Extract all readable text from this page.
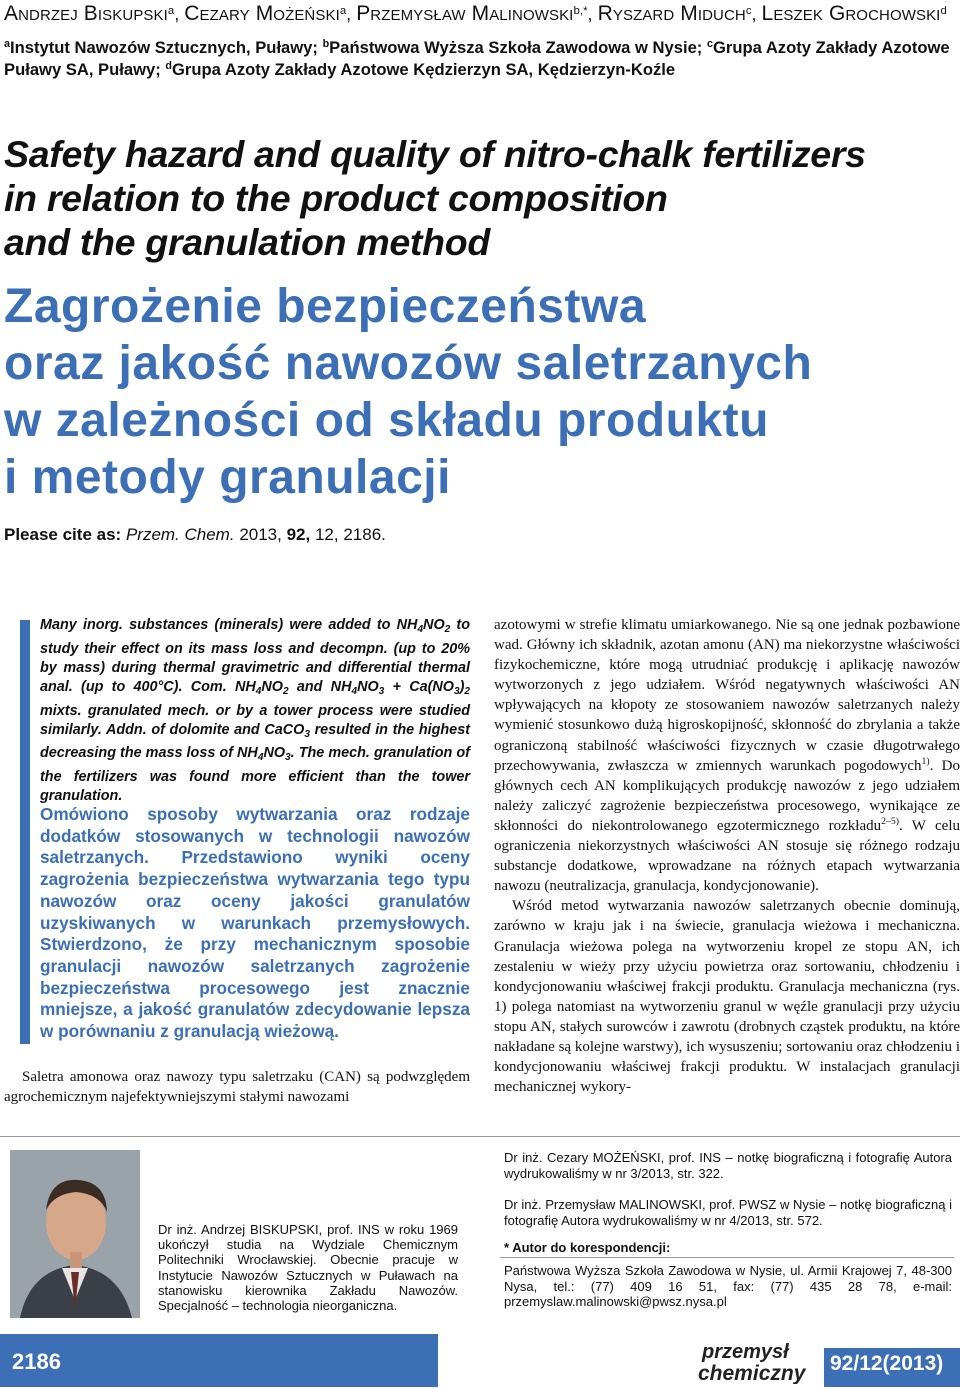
Andrzej Biskupski$^a$, Cezary Możeński$^a$, Przemysław Malinowski$^{b,*}$, Ryszard Miduch$^c$, Leszek Grochowski$^d$
$^a$Instytut Nawozów Sztucznych, Puławy; $^b$Państwowa Wyższa Szkoła Zawodowa w Nysie; $^c$Grupa Azoty Zakłady Azotowe Puławy SA, Puławy; $^d$Grupa Azoty Zakłady Azotowe Kędzierzyn SA, Kędzierzyn-Koźle
Safety hazard and quality of nitro-chalk fertilizers
in relation to the product composition
and the granulation method
Zagrożenie bezpieczeństwa
oraz jakość nawozów saletrzanych
w zależności od składu produktu
i metody granulacji
Please cite as: Przem. Chem. 2013, 92, 12, 2186.
Many inorg. substances (minerals) were added to $NH_4NO_2$ to study their effect on its mass loss and decompn. (up to 20% by mass) during thermal gravimetric and differential thermal anal. (up to 400°C). Com. $NH_4NO_2$ and $NH_4NO_3 + Ca(NO_3)_2$ mixts. granulated mech. or by a tower process were studied similarly. Addn. of dolomite and CaCO$_3$ resulted in the highest decreasing the mass loss of $NH_4NO_3$. The mech. granulation of the fertilizers was found more efficient than the tower granulation.
Omówiono sposoby wytwarzania oraz rodzaje dodatków stosowanych w technologii nawozów saletrzanych. Przedstawiono wyniki oceny zagrożenia bezpieczeństwa wytwarzania tego typu nawozów oraz oceny jakości granulatów uzyskiwanych w warunkach przemysłowych. Stwierdzono, że przy mechanicznym sposobie granulacji nawozów saletrzanych zagrożenie bezpieczeństwa procesowego jest znacznie mniejsze, a jakość granulatów zdecydowanie lepsza w porównaniu z granulacją wieżową.
Saletra amonowa oraz nawozy typu saletrzaku (CAN) są podwzględem agrochemicznym najefektywniejszymi stałymi nawozami

azotowymi w strefie klimatu umiarkowanego. Nie są one jednak pozbawione wad. Główny ich składnik, azotan amonu (AN) ma niekorzystne właściwości fizykochemiczne, które mogą utrudniać produkcję i aplikację nawozów wytworzonych z jego udziałem. Wśród negatywnych właściwości AN wpływających na kłopoty ze stosowaniem nawozów saletrzanych należy wymienić stosunkowo dużą higroskopijność, skłonność do zbrylania a także ograniczoną stabilność właściwości fizycznych w czasie długotrwałego przechowywania, zwłaszcza w zmiennych warunkach pogodowych$^{1)}$. Do głównych cech AN komplikujących produkcję nawozów z jego udziałem należy zaliczyć zagrożenie bezpieczeństwa procesowego, wynikające ze skłonności do niekontrolowanego egzotermicznego rozkładu$^{2-5)}$. W celu ograniczenia niekorzystnych właściwości AN stosuje się różnego rodzaju substancje dodatkowe, wprowadzane na różnych etapach wytwarzania nawozu (neutralizacja, granulacja, kondycjonowanie).

Wśród metod wytwarzania nawozów saletrzanych obecnie dominują, zarówno w kraju jak i na świecie, granulacja wieżowa i mechaniczna. Granulacja wieżowa polega na wytworzeniu kropel ze stopu AN, ich zestaleniu w wieży przy użyciu powietrza oraz sortowaniu, chłodzeniu i kondycjonowaniu właściwej frakcji produktu. Granulacja mechaniczna (rys. 1) polega natomiast na wytworzeniu granul w węźle granulacji przy użyciu stopu AN, stałych surowców i zawrotu (drobnych cząstek produktu, na które nakładane są kolejne warstwy), ich wysuszeniu; sortowaniu oraz chłodzeniu i kondycjonowaniu właściwej frakcji produktu. W instalacjach granulacji mechanicznej wykory-

Dr inż. Andrzej BISKUPSKI, prof. INS w roku 1969 ukończył studia na Wydziale Chemicznym Politechniki Wrocławskiej. Obecnie pracuje w Instytucie Nawozów Sztucznych w Puławach na stanowisku kierownika Zakładu Nawozów. Specjalność – technologia nieorganiczna.
Dr inż. Cezary MOŻEŃSKI, prof. INS – notkę biograficzną i fotografię Autora wydrukowaliśmy w nr 3/2013, str. 322.
Dr inż. Przemysław MALINOWSKI, prof. PWSZ w Nysie – notkę biograficzną i fotografię Autora wydrukowaliśmy w nr 4/2013, str. 572.
* Autor do korespondencji:
Państwowa Wyższa Szkoła Zawodowa w Nysie, ul. Armii Krajowej 7, 48-300 Nysa, tel.: (77) 409 16 51, fax: (77) 435 28 78, e-mail: przemyslaw.malinowski@pwsz.nysa.pl
2186	przemysł
chemiczny 92/12(2013)
